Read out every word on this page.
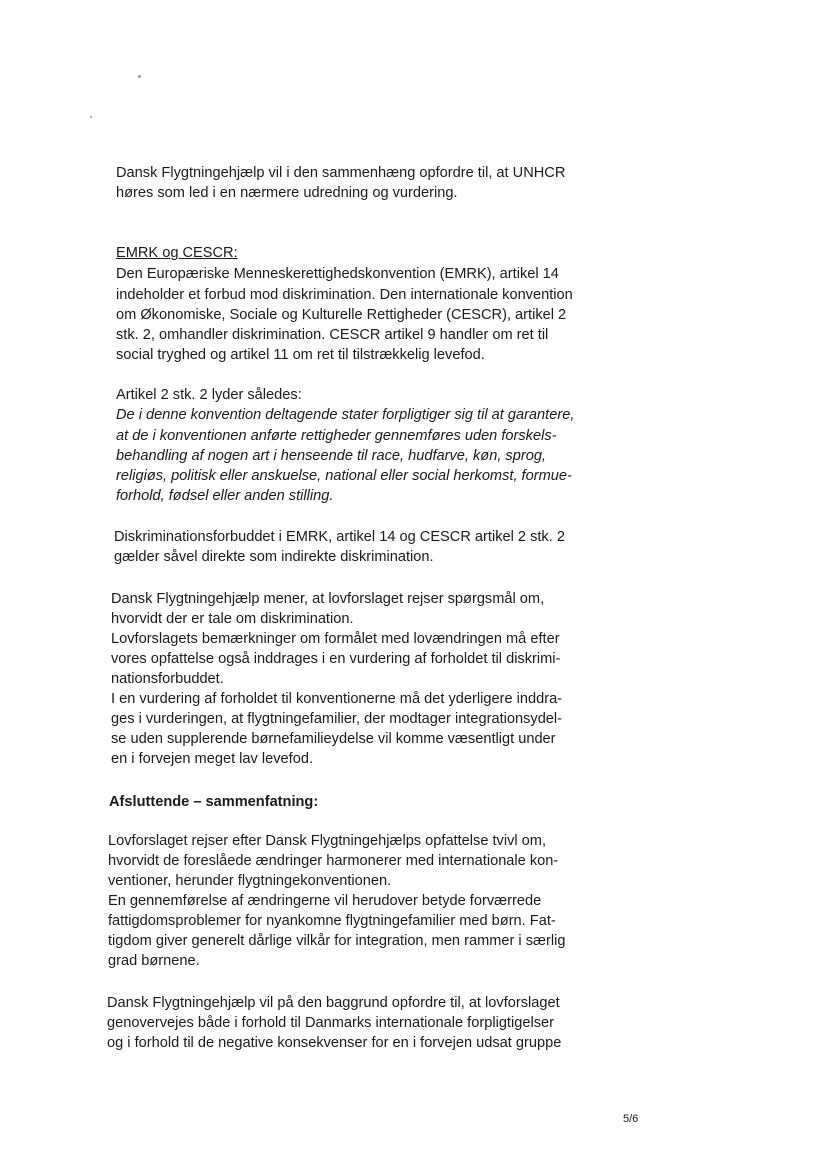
Dansk Flygtningehjælp vil i den sammenhæng opfordre til, at UNHCR
høres som led i en nærmere udredning og vurdering.
EMRK og CESCR:
Den Europæriske Menneskerettighedskonvention (EMRK), artikel 14
indeholder et forbud mod diskrimination. Den internationale konvention
om Økonomiske, Sociale og Kulturelle Rettigheder (CESCR), artikel 2
stk. 2, omhandler diskrimination. CESCR artikel 9 handler om ret til
social tryghed og artikel 11 om ret til tilstrækkelig levefod.
Artikel 2 stk. 2 lyder således:
De i denne konvention deltagende stater forpligtiger sig til at garantere,
at de i konventionen anførte rettigheder gennemføres uden forskels-
behandling af nogen art i henseende til race, hudfarve, køn, sprog,
religiøs, politisk eller anskuelse, national eller social herkomst, formue-
forhold, fødsel eller anden stilling.
Diskriminationsforbuddet i EMRK, artikel 14 og CESCR artikel 2 stk. 2
gælder såvel direkte som indirekte diskrimination.
Dansk Flygtningehjælp mener, at lovforslaget rejser spørgsmål om,
hvorvidt der er tale om diskrimination.
Lovforslagets bemærkninger om formålet med lovændringen må efter
vores opfattelse også inddrages i en vurdering af forholdet til diskrimi-
nationsforbuddet.
I en vurdering af forholdet til konventionerne må det yderligere inddra-
ges i vurderingen, at flygtningefamilier, der modtager integrationsydel-
se uden supplerende børnefamilieydelse vil komme væsentligt under
en i forvejen meget lav levefod.
Afsluttende – sammenfatning:
Lovforslaget rejser efter Dansk Flygtningehjælps opfattelse tvivl om,
hvorvidt de foreslåede ændringer harmonerer med internationale kon-
ventioner, herunder flygtningekonventionen.
En gennemførelse af ændringerne vil herudover betyde forværrede
fattigdomsproblemer for nyankomne flygtningefamilier med børn. Fat-
tigdom giver generelt dårlige vilkår for integration, men rammer i særlig
grad børnene.
Dansk Flygtningehjælp vil på den baggrund opfordre til, at lovforslaget
genovervejes både i forhold til Danmarks internationale forpligtigelser
og i forhold til de negative konsekvenser for en i forvejen udsat gruppe
5/6
